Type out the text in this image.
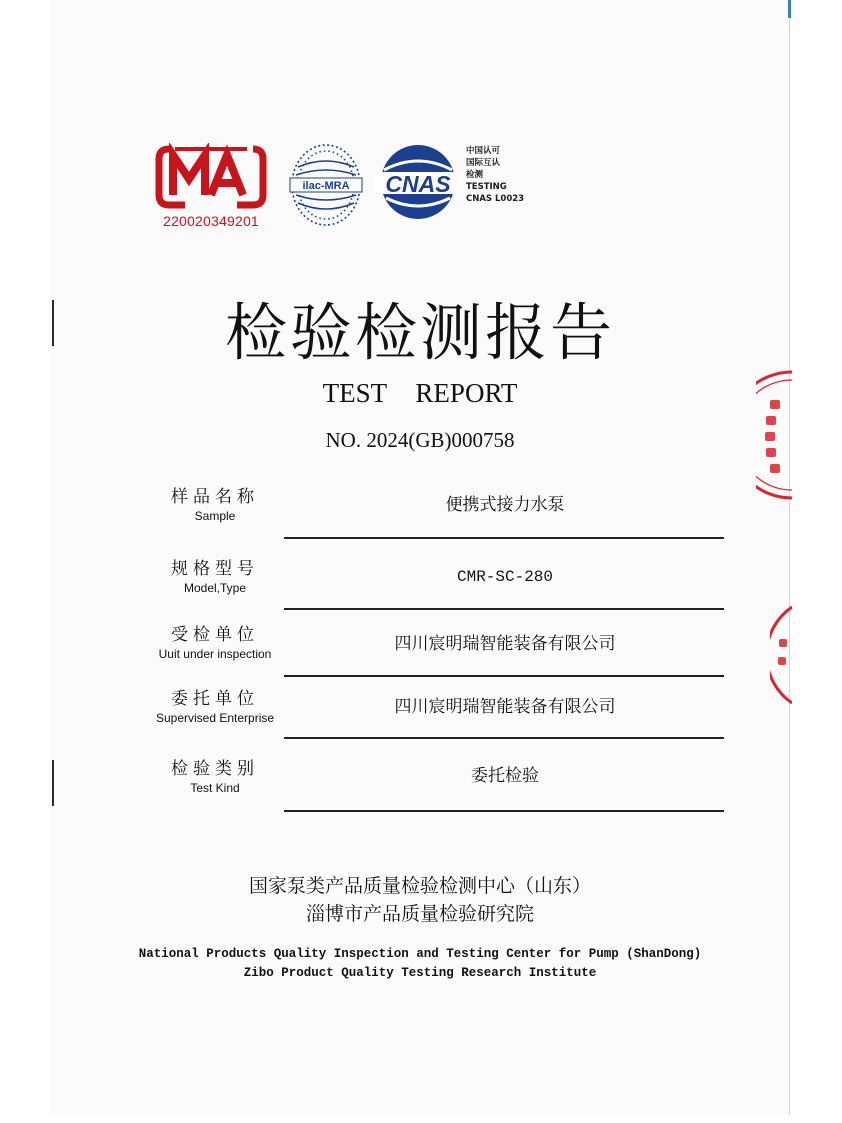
220020349201
ilac-MRA CNAS
中国认可
国际互认
检测
TESTING
CNAS L0023
检验检测报告
TEST REPORT
NO. 2024(GB)000758
样品名称
Sample
便携式接力水泵
规格型号
Model,Type
CMR-SC-280
受检单位
Uuit under inspection	四川宸明瑞智能装备有限公司
委托单位
Supervised Enterprise
四川宸明瑞智能装备有限公司
检验类别
Test Kind
委托检验
国家泵类产品质量检验检测中心（山东）
淄博市产品质量检验研究院
National Products Quality Inspection and Testing Center for Pump (ShanDong)
Zibo Product Quality Testing Research Institute
